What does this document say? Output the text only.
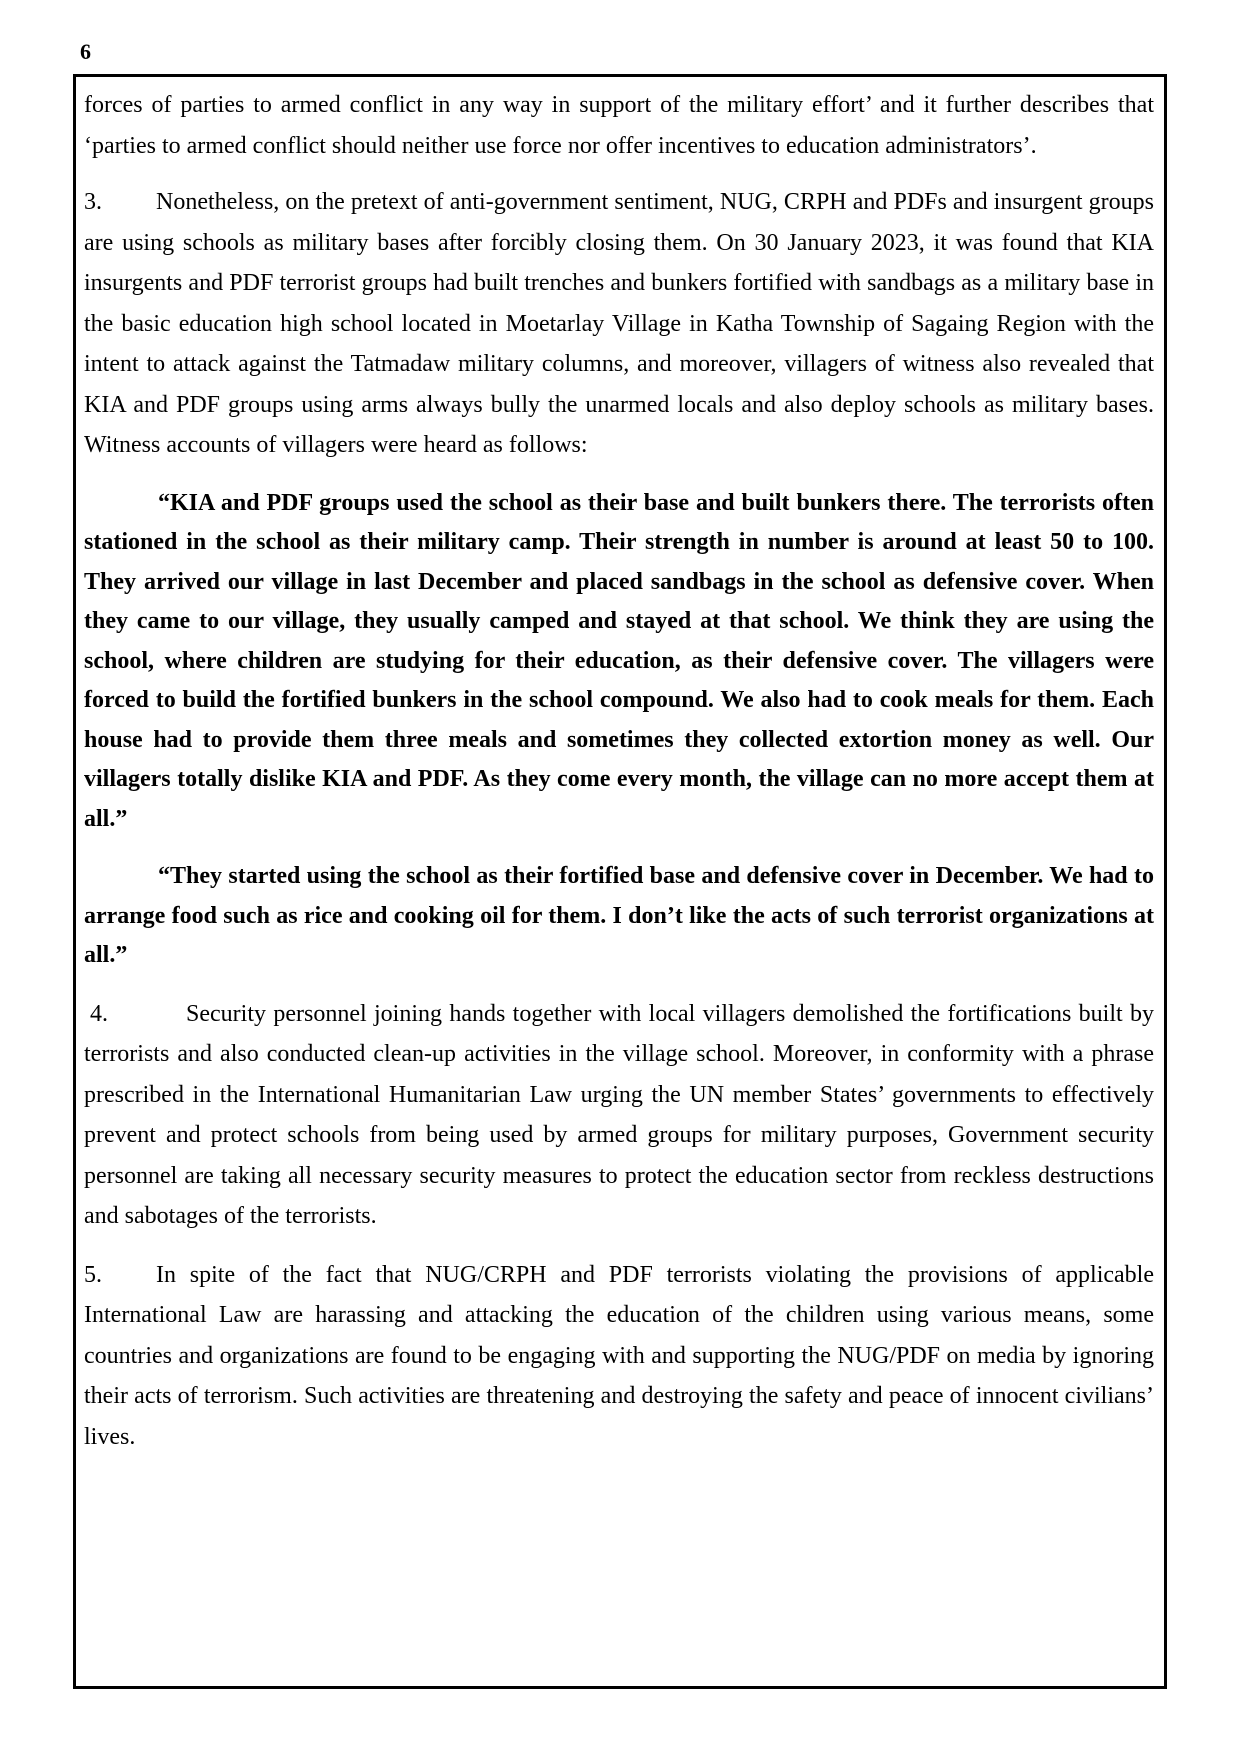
6

forces of parties to armed conflict in any way in support of the military effort’ and it further describes that ‘parties to armed conflict should neither use force nor offer incentives to education administrators’.

3. Nonetheless, on the pretext of anti-government sentiment, NUG, CRPH and PDFs and insurgent groups are using schools as military bases after forcibly closing them. On 30 January 2023, it was found that KIA insurgents and PDF terrorist groups had built trenches and bunkers fortified with sandbags as a military base in the basic education high school located in Moetarlay Village in Katha Township of Sagaing Region with the intent to attack against the Tatmadaw military columns, and moreover, villagers of witness also revealed that KIA and PDF groups using arms always bully the unarmed locals and also deploy schools as military bases. Witness accounts of villagers were heard as follows:

“KIA and PDF groups used the school as their base and built bunkers there. The terrorists often stationed in the school as their military camp. Their strength in number is around at least 50 to 100. They arrived our village in last December and placed sandbags in the school as defensive cover. When they came to our village, they usually camped and stayed at that school. We think they are using the school, where children are studying for their education, as their defensive cover. The villagers were forced to build the fortified bunkers in the school compound. We also had to cook meals for them. Each house had to provide them three meals and sometimes they collected extortion money as well. Our villagers totally dislike KIA and PDF. As they come every month, the village can no more accept them at all.”

“They started using the school as their fortified base and defensive cover in December. We had to arrange food such as rice and cooking oil for them. I don’t like the acts of such terrorist organizations at all.”

4.	Security personnel joining hands together with local villagers demolished the fortifications built by terrorists and also conducted clean-up activities in the village school. Moreover, in conformity with a phrase prescribed in the International Humanitarian Law urging the UN member States’ governments to effectively prevent and protect schools from being used by armed groups for military purposes, Government security personnel are taking all necessary security measures to protect the education sector from reckless destructions and sabotages of the terrorists.

5. In spite of the fact that NUG/CRPH and PDF terrorists violating the provisions of applicable International Law are harassing and attacking the education of the children using various means, some countries and organizations are found to be engaging with and supporting the NUG/PDF on media by ignoring their acts of terrorism. Such activities are threatening and destroying the safety and peace of innocent civilians’ lives.
